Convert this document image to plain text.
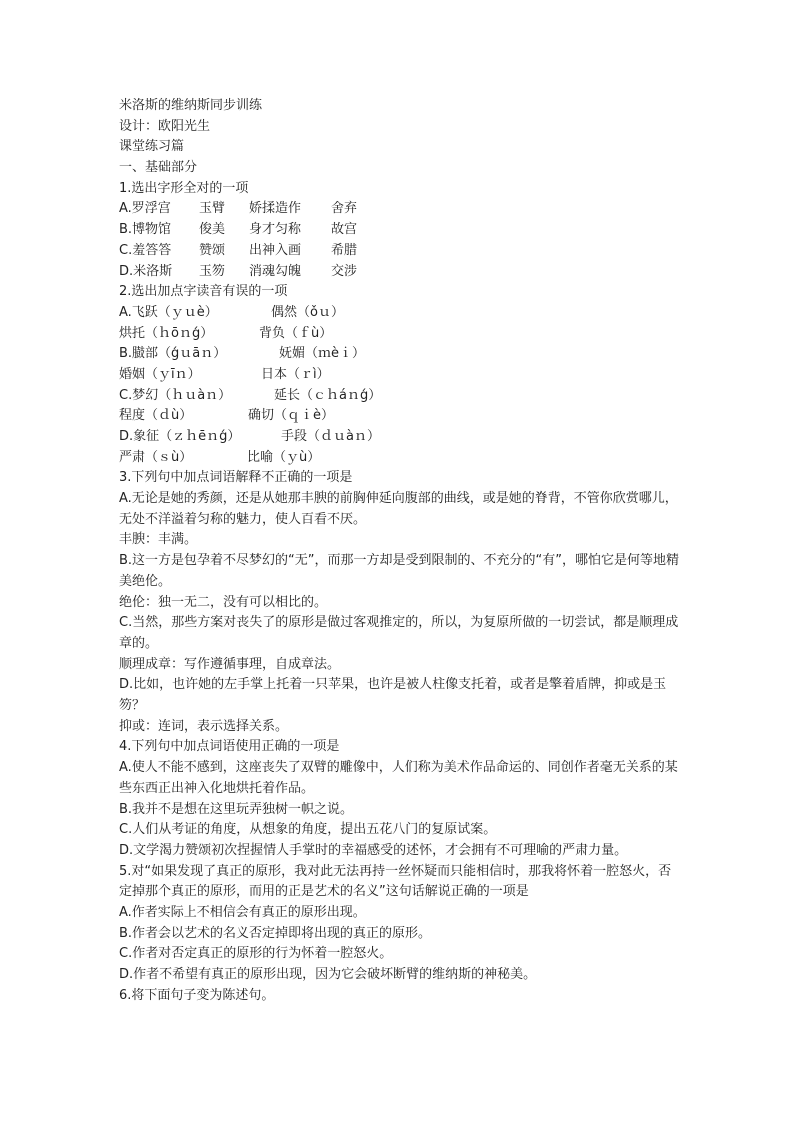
米洛斯的维纳斯同步训练
设计：欧阳光生
课堂练习篇
一、基础部分
1.选出字形全对的一项
A.罗浮宫	玉臂	娇揉造作	舍弃
B.博物馆	俊美	身才匀称	故宫
C.羞答答	赞颂	出神入画	希腊
D.米洛斯	玉笏	消魂勾魄	交涉
2.选出加点字读音有误的一项
A.飞跃（ｙｕè）	偶然（ǒｕ）
烘托（ｈōｎǵ）	背负（ｆù）
B.臌部（ǵｕāｎ）	妩媚（ｍèｉ）
婚姻（ｙīｎ）	日本（ｒì）
C.梦幻（ｈｕàｎ）	延长（ｃｈáｎǵ）
程度（ｄù）	确切（ｑｉè）
D.象征（ｚｈēｎǵ）	手段（ｄｕàｎ）
严肃（ｓù）	比喻（ｙù）
3.下列句中加点词语解释不正确的一项是
A.无论是她的秀颜，还是从她那丰腴的前胸伸延向腹部的曲线，或是她的脊背，不管你欣赏哪儿，无处不洋溢着匀称的魅力，使人百看不厌。
丰腴：丰满。
B.这一方是包孕着不尽梦幻的“无”，而那一方却是受到限制的、不充分的“有”，哪怕它是何等地精美绝伦。
绝伦：独一无二，没有可以相比的。
C.当然，那些方案对丧失了的原形是做过客观推定的，所以，为复原所做的一切尝试，都是顺理成章的。
顺理成章：写作遵循事理，自成章法。
D.比如，也许她的左手掌上托着一只苹果，也许是被人柱像支托着，或者是擎着盾牌，抑或是玉笏？
抑或：连词，表示选择关系。
4.下列句中加点词语使用正确的一项是
A.使人不能不感到，这座丧失了双臂的雕像中，人们称为美术作品命运的、同创作者毫无关系的某些东西正出神入化地烘托着作品。
B.我并不是想在这里玩弄独树一帜之说。
C.人们从考证的角度，从想象的角度，提出五花八门的复原试案。
D.文学渴力赞颂初次捏握情人手掌时的幸福感受的述怀，才会拥有不可理喻的严肃力量。
5.对“如果发现了真正的原形，我对此无法再持一丝怀疑而只能相信时，那我将怀着一腔怒火，否定掉那个真正的原形，而用的正是艺术的名义”这句话解说正确的一项是
A.作者实际上不相信会有真正的原形出现。
B.作者会以艺术的名义否定掉即将出现的真正的原形。
C.作者对否定真正的原形的行为怀着一腔怒火。
D.作者不希望有真正的原形出现，因为它会破坏断臂的维纳斯的神秘美。
6.将下面句子变为陈述句。
